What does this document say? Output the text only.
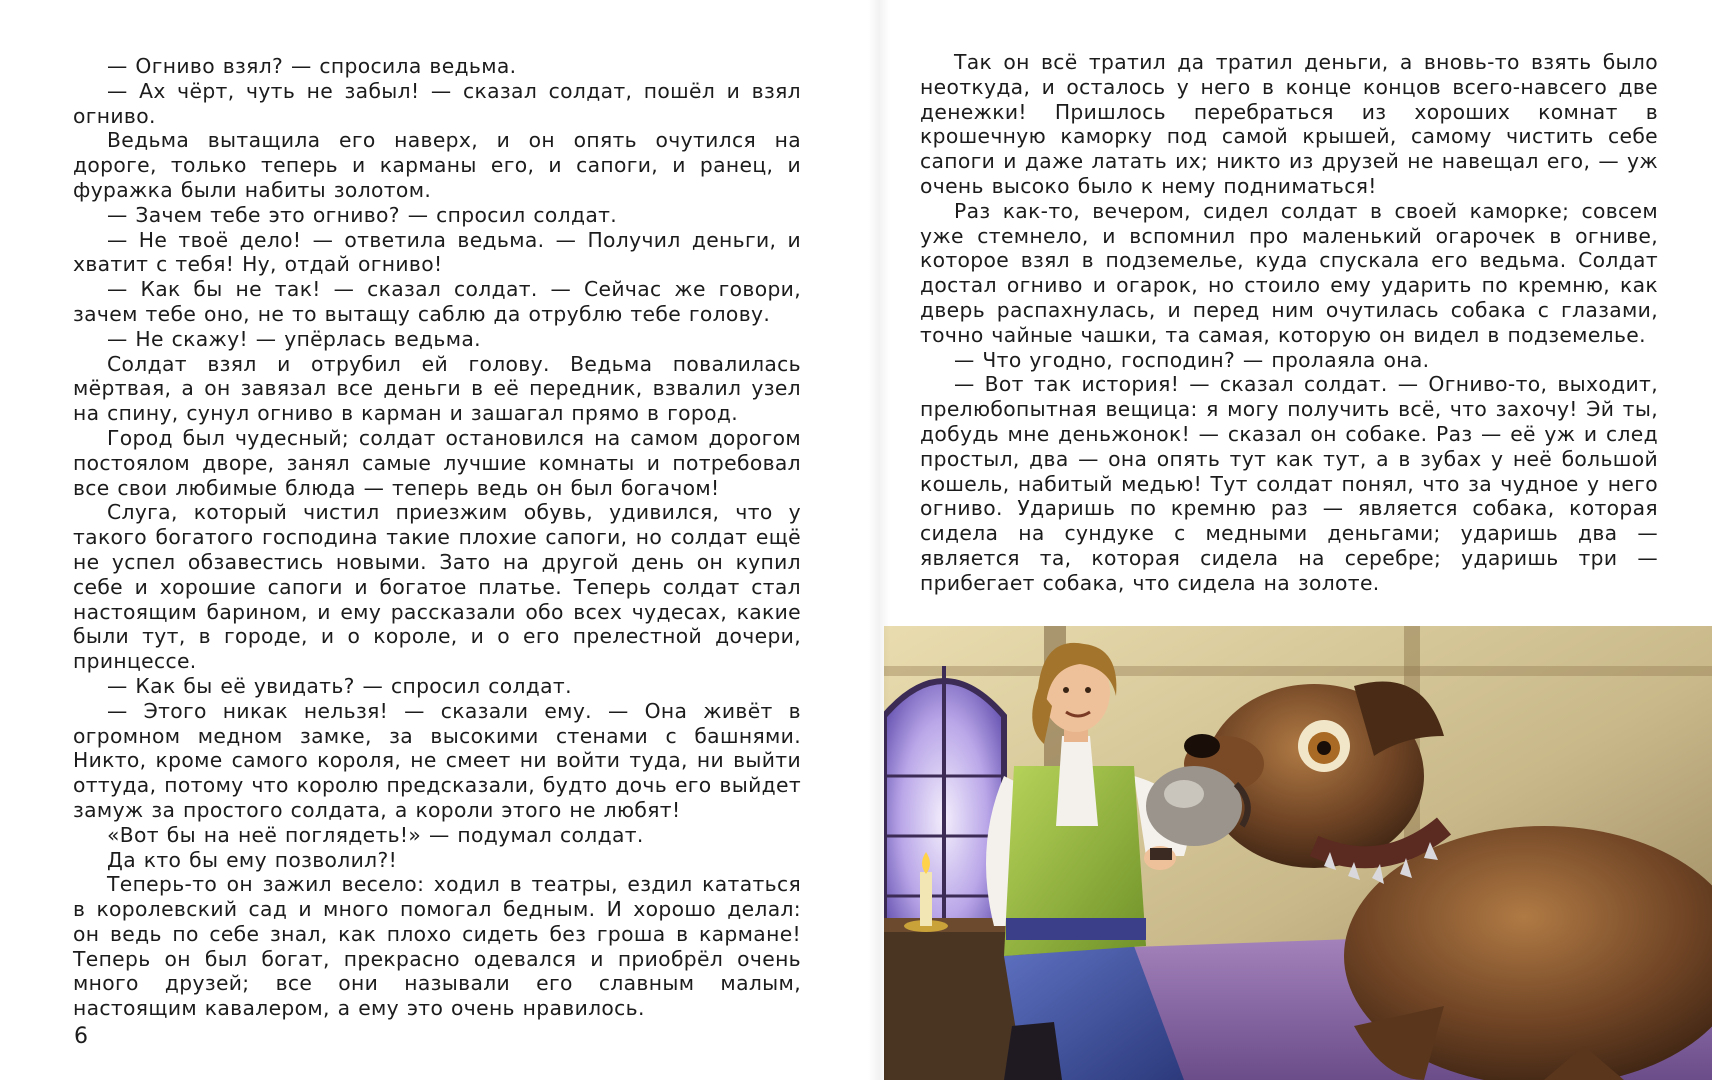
— Огниво взял? — спросила ведьма.

— Ах чёрт, чуть не забыл! — сказал солдат, пошёл и взял огниво.

Ведьма вытащила его наверх, и он опять очутился на дороге, только теперь и карманы его, и сапоги, и ранец, и фуражка были набиты золотом.

— Зачем тебе это огниво? — спросил солдат.

— Не твоё дело! — ответила ведьма. — Получил деньги, и хватит с тебя! Ну, отдай огниво!

— Как бы не так! — сказал солдат. — Сейчас же говори, зачем тебе оно, не то вытащу саблю да отрублю тебе голову.

— Не скажу! — упёрлась ведьма.

Солдат взял и отрубил ей голову. Ведьма повалилась мёртвая, а он завязал все деньги в её передник, взвалил узел на спину, сунул огниво в карман и зашагал прямо в город.

Город был чудесный; солдат остановился на самом дорогом постоялом дворе, занял самые лучшие комнаты и потребовал все свои любимые блюда — теперь ведь он был богачом!

Слуга, который чистил приезжим обувь, удивился, что у такого богатого господина такие плохие сапоги, но солдат ещё не успел обзавестись новыми. Зато на другой день он купил себе и хорошие сапоги и богатое платье. Теперь солдат стал настоящим барином, и ему рассказали обо всех чудесах, какие были тут, в городе, и о короле, и о его прелестной дочери, принцессе.

— Как бы её увидать? — спросил солдат.

— Этого никак нельзя! — сказали ему. — Она живёт в огромном медном замке, за высокими стенами с башнями. Никто, кроме самого короля, не смеет ни войти туда, ни выйти оттуда, потому что королю предсказали, будто дочь его выйдет замуж за простого солдата, а короли этого не любят!

«Вот бы на неё поглядеть!» — подумал солдат.

Да кто бы ему позволил?!

Теперь-то он зажил весело: ходил в театры, ездил кататься в королевский сад и много помогал бедным. И хорошо делал: он ведь по себе знал, как плохо сидеть без гроша в кармане! Теперь он был богат, прекрасно одевался и приобрёл очень много друзей; все они называли его славным малым, настоящим кавалером, а ему это очень нравилось.

6

Так он всё тратил да тратил деньги, а вновь-то взять было неоткуда, и осталось у него в конце концов всего-навсего две денежки! Пришлось перебраться из хороших комнат в крошечную каморку под самой крышей, самому чистить себе сапоги и даже латать их; никто из друзей не навещал его, — уж очень высоко было к нему подниматься!

Раз как-то, вечером, сидел солдат в своей каморке; совсем уже стемнело, и вспомнил про маленький огарочек в огниве, которое взял в подземелье, куда спускала его ведьма. Солдат достал огниво и огарок, но стоило ему ударить по кремню, как дверь распахнулась, и перед ним очутилась собака с глазами, точно чайные чашки, та самая, которую он видел в подземелье.

— Что угодно, господин? — пролаяла она.

— Вот так история! — сказал солдат. — Огниво-то, выходит, прелюбопытная вещица: я могу получить всё, что захочу! Эй ты, добудь мне деньжонок! — сказал он собаке. Раз — её уж и след простыл, два — она опять тут как тут, а в зубах у неё большой кошель, набитый медью! Тут солдат понял, что за чудное у него огниво. Ударишь по кремню раз — является собака, которая сидела на сундуке с медными деньгами; ударишь два — является та, которая сидела на серебре; ударишь три — прибегает собака, что сидела на золоте.
